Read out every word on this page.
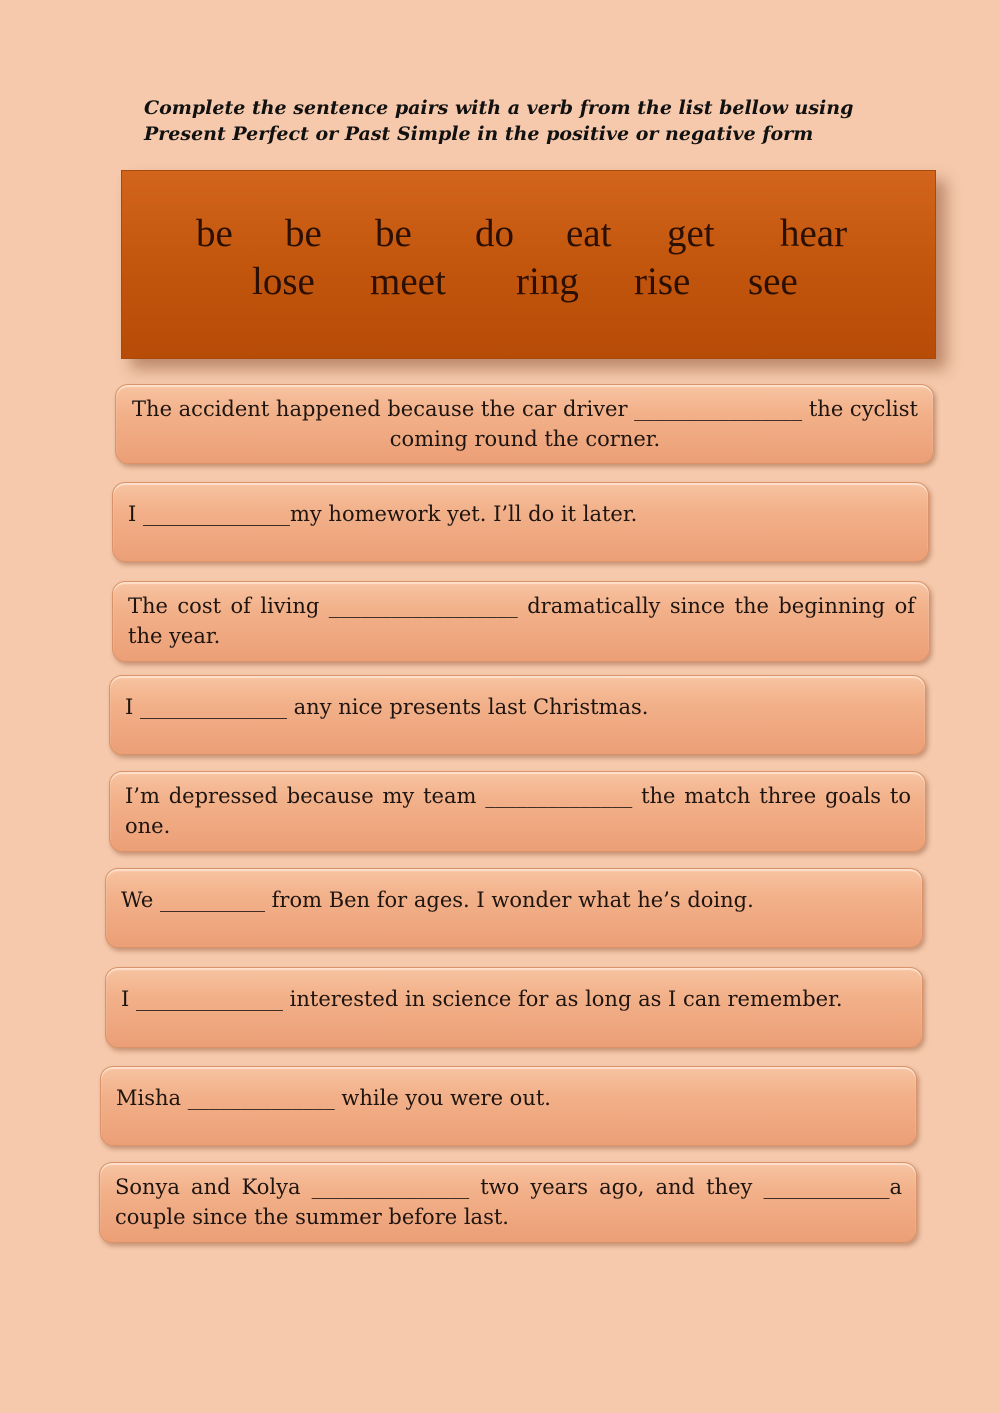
Complete the sentence pairs with a verb from the list bellow using
Present Perfect or Past Simple in the positive or negative form
be be be do eat get hear
lose meet ring rise see
The accident happened because the car driver ________________ the cyclist coming round the corner.
I ______________my homework yet. I’ll do it later.
The cost of living __________________ dramatically since the beginning of the year.
I ______________ any nice presents last Christmas.
I’m depressed because my team ______________ the match three goals to one.
We __________ from Ben for ages. I wonder what he’s doing.
I ______________ interested in science for as long as I can remember.
Misha ______________ while you were out.
Sonya and Kolya _______________ two years ago, and they ____________a couple since the summer before last.
